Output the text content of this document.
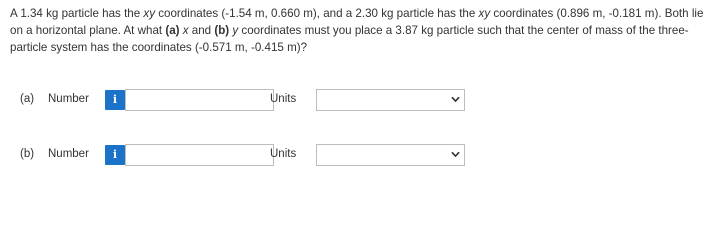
A 1.34 kg particle has the xy coordinates (-1.54 m, 0.660 m), and a 2.30 kg particle has the xy coordinates (0.896 m, -0.181 m). Both lie on a horizontal plane. At what (a) x and (b) y coordinates must you place a 3.87 kg particle such that the center of mass of the three-particle system has the coordinates (-0.571 m, -0.415 m)?

(a) Number	i	Units
(b) Number	i	Units
